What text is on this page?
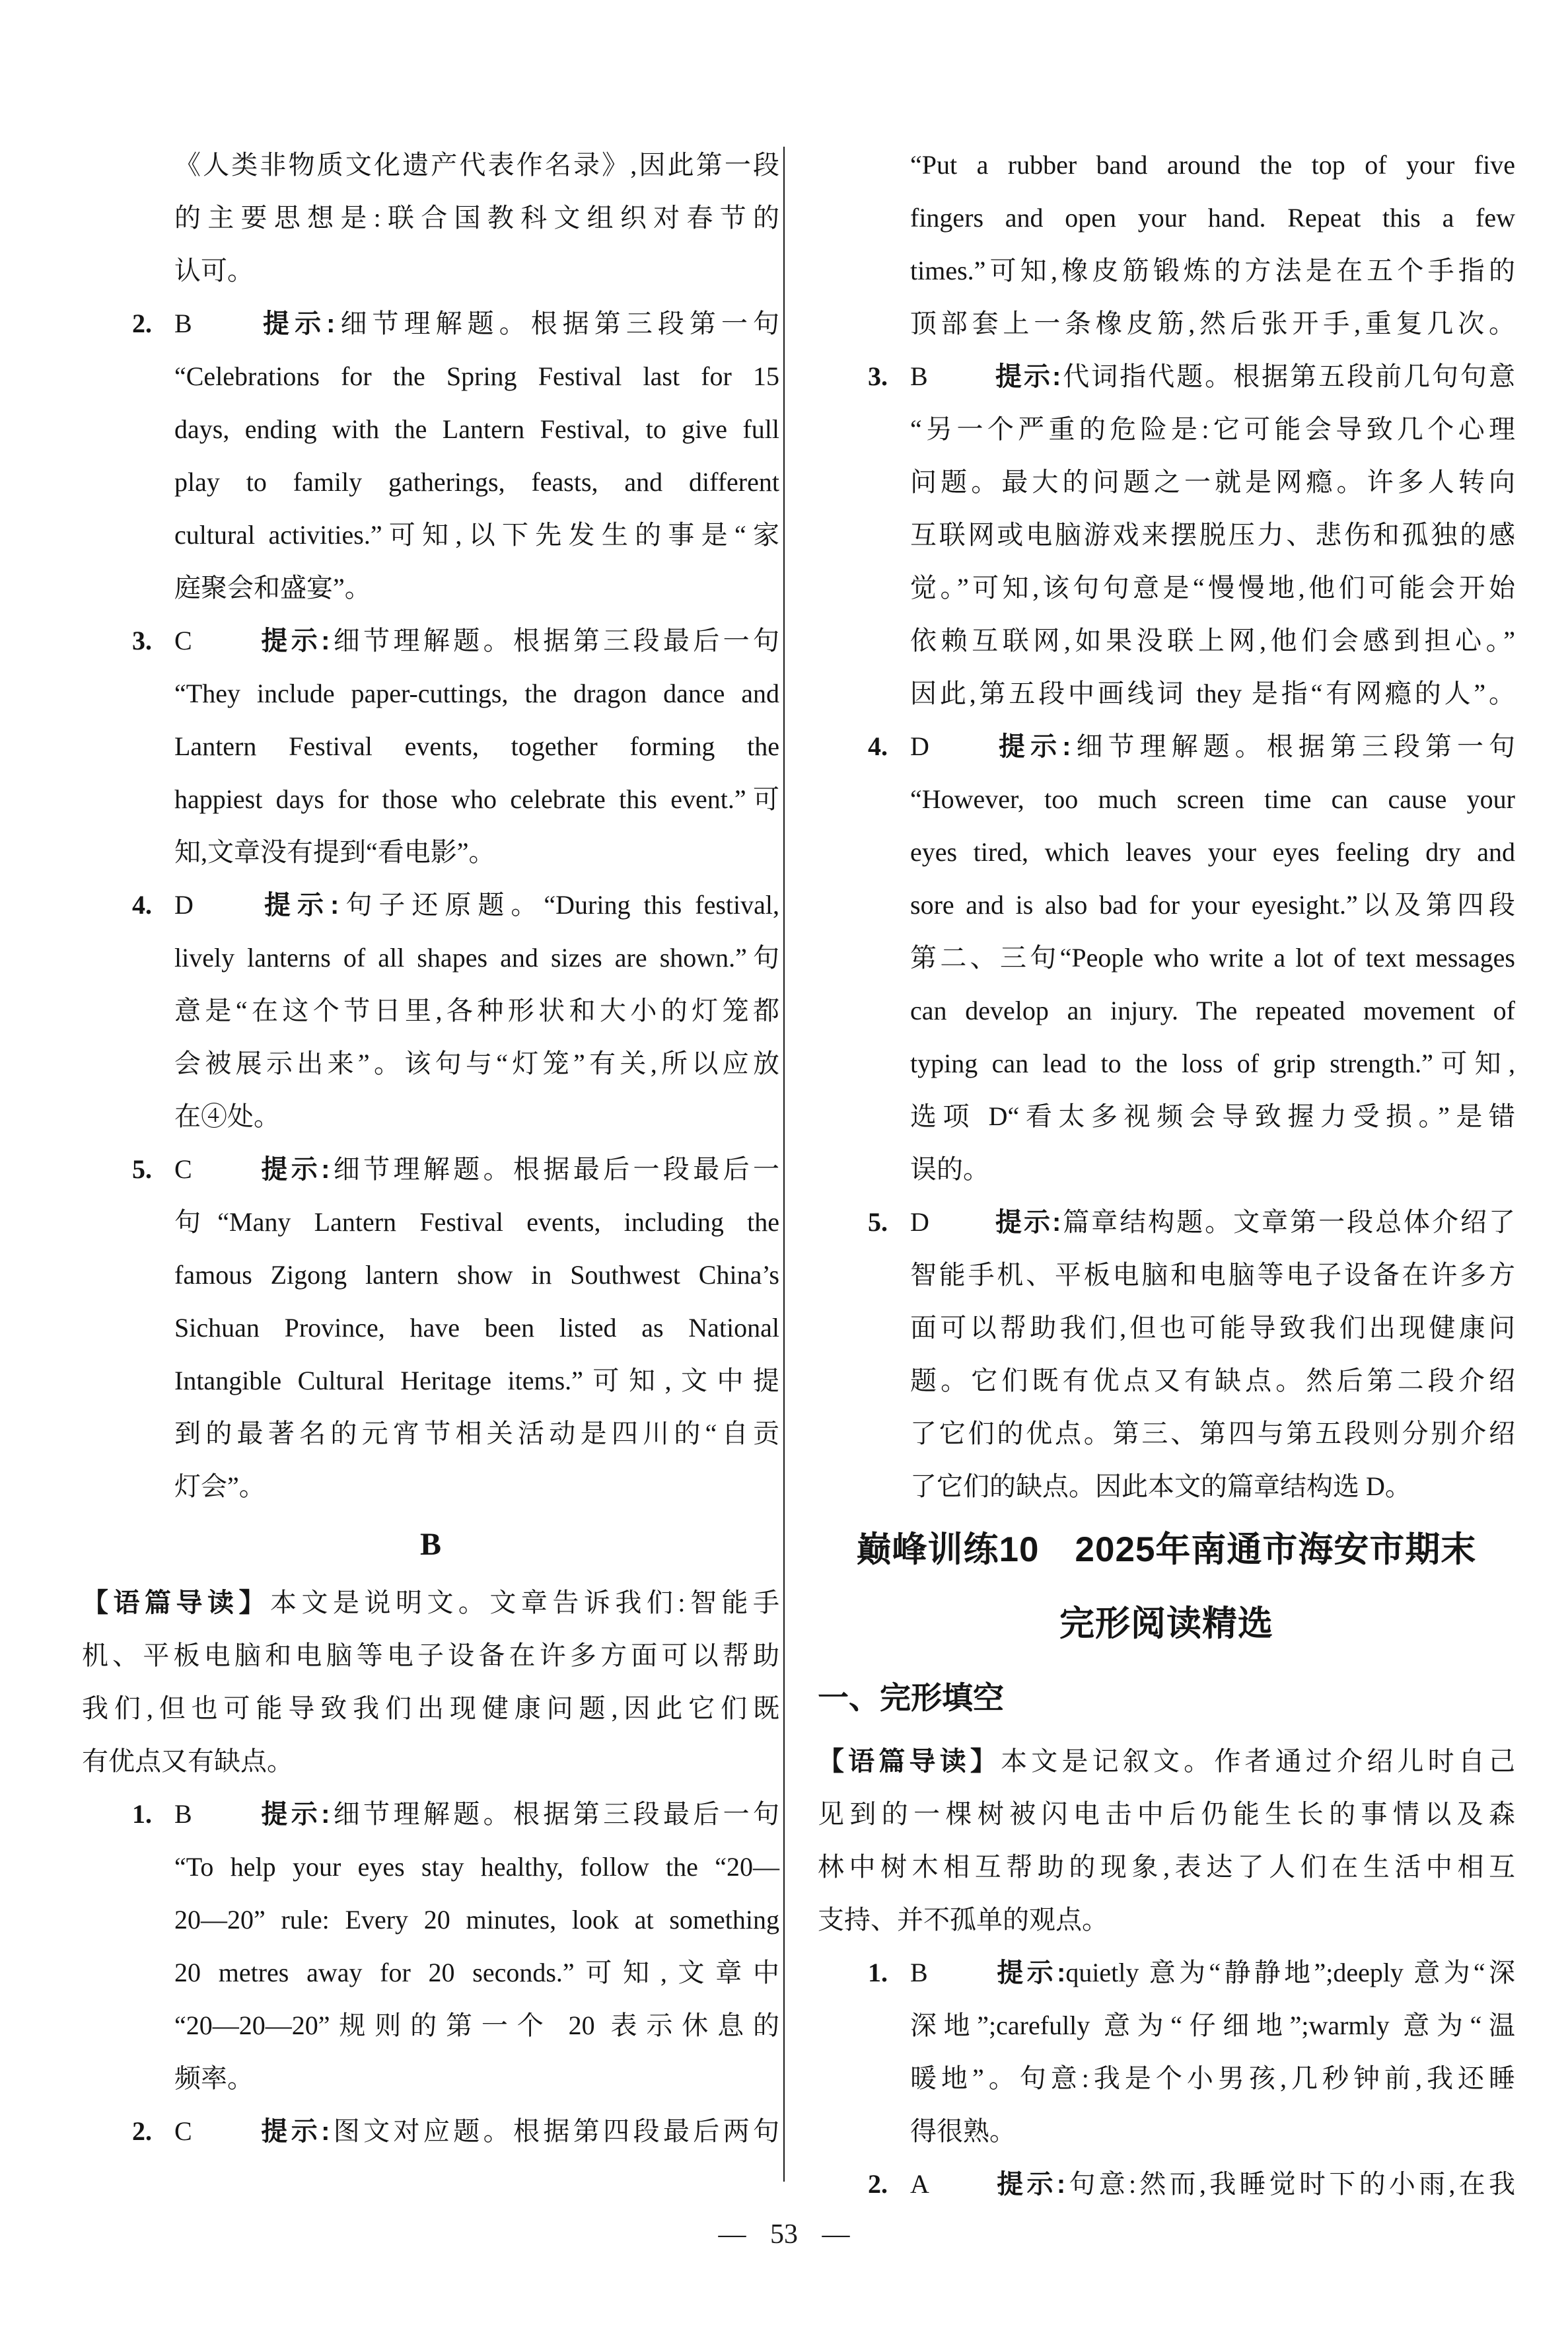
《人类非物质文化遗产代表作名录》,因此第一段
的主要思想是:联合国教科文组织对春节的
认可。
2. B 提示:细节理解题。根据第三段第一句
“Celebrations for the Spring Festival last for 15
days, ending with the Lantern Festival, to give full
play to family gatherings, feasts, and different
cultural activities.”可知,以下先发生的事是“家
庭聚会和盛宴”。
3. C 提示:细节理解题。根据第三段最后一句
“They include paper-cuttings, the dragon dance and
Lantern Festival events, together forming the
happiest days for those who celebrate this event.”可
知,文章没有提到“看电影”。
4. D 提示:句子还原题。“During this festival,
lively lanterns of all shapes and sizes are shown.”句
意是“在这个节日里,各种形状和大小的灯笼都
会被展示出来”。该句与“灯笼”有关,所以应放
在④处。
5. C 提示:细节理解题。根据最后一段最后一
句“Many Lantern Festival events, including the
famous Zigong lantern show in Southwest China’s
Sichuan Province, have been listed as National
Intangible Cultural Heritage items.”可知,文中提
到的最著名的元宵节相关活动是四川的“自贡
灯会”。
B
【语篇导读】本文是说明文。文章告诉我们:智能手
机、平板电脑和电脑等电子设备在许多方面可以帮助
我们,但也可能导致我们出现健康问题,因此它们既
有优点又有缺点。
1. B 提示:细节理解题。根据第三段最后一句
“To help your eyes stay healthy, follow the “20—
20—20” rule: Every 20 minutes, look at something
20 metres away for 20 seconds.”可知,文章中
“20—20—20”规则的第一个 20 表示休息的
频率。
2. C 提示:图文对应题。根据第四段最后两句
“Put a rubber band around the top of your five
fingers and open your hand. Repeat this a few
times.”可知,橡皮筋锻炼的方法是在五个手指的
顶部套上一条橡皮筋,然后张开手,重复几次。
3. B 提示:代词指代题。根据第五段前几句句意
“另一个严重的危险是:它可能会导致几个心理
问题。最大的问题之一就是网瘾。许多人转向
互联网或电脑游戏来摆脱压力、悲伤和孤独的感
觉。”可知,该句句意是“慢慢地,他们可能会开始
依赖互联网,如果没联上网,他们会感到担心。”
因此,第五段中画线词 they 是指“有网瘾的人”。
4. D 提示:细节理解题。根据第三段第一句
“However, too much screen time can cause your
eyes tired, which leaves your eyes feeling dry and
sore and is also bad for your eyesight.”以及第四段
第二、三句“People who write a lot of text messages
can develop an injury. The repeated movement of
typing can lead to the loss of grip strength.”可知,
选项 D“看太多视频会导致握力受损。”是错
误的。
5. D 提示:篇章结构题。文章第一段总体介绍了
智能手机、平板电脑和电脑等电子设备在许多方
面可以帮助我们,但也可能导致我们出现健康问
题。它们既有优点又有缺点。然后第二段介绍
了它们的优点。第三、第四与第五段则分别介绍
了它们的缺点。因此本文的篇章结构选 D。
巅峰训练10　2025年南通市海安市期末
完形阅读精选
一、完形填空
【语篇导读】本文是记叙文。作者通过介绍儿时自己
见到的一棵树被闪电击中后仍能生长的事情以及森
林中树木相互帮助的现象,表达了人们在生活中相互
支持、并不孤单的观点。
1. B 提示:quietly 意为“静静地”;deeply 意为“深
深地”;carefully 意为“仔细地”;warmly 意为“温
暖地”。句意:我是个小男孩,几秒钟前,我还睡
得很熟。
2. A 提示:句意:然而,我睡觉时下的小雨,在我
— 53 —
